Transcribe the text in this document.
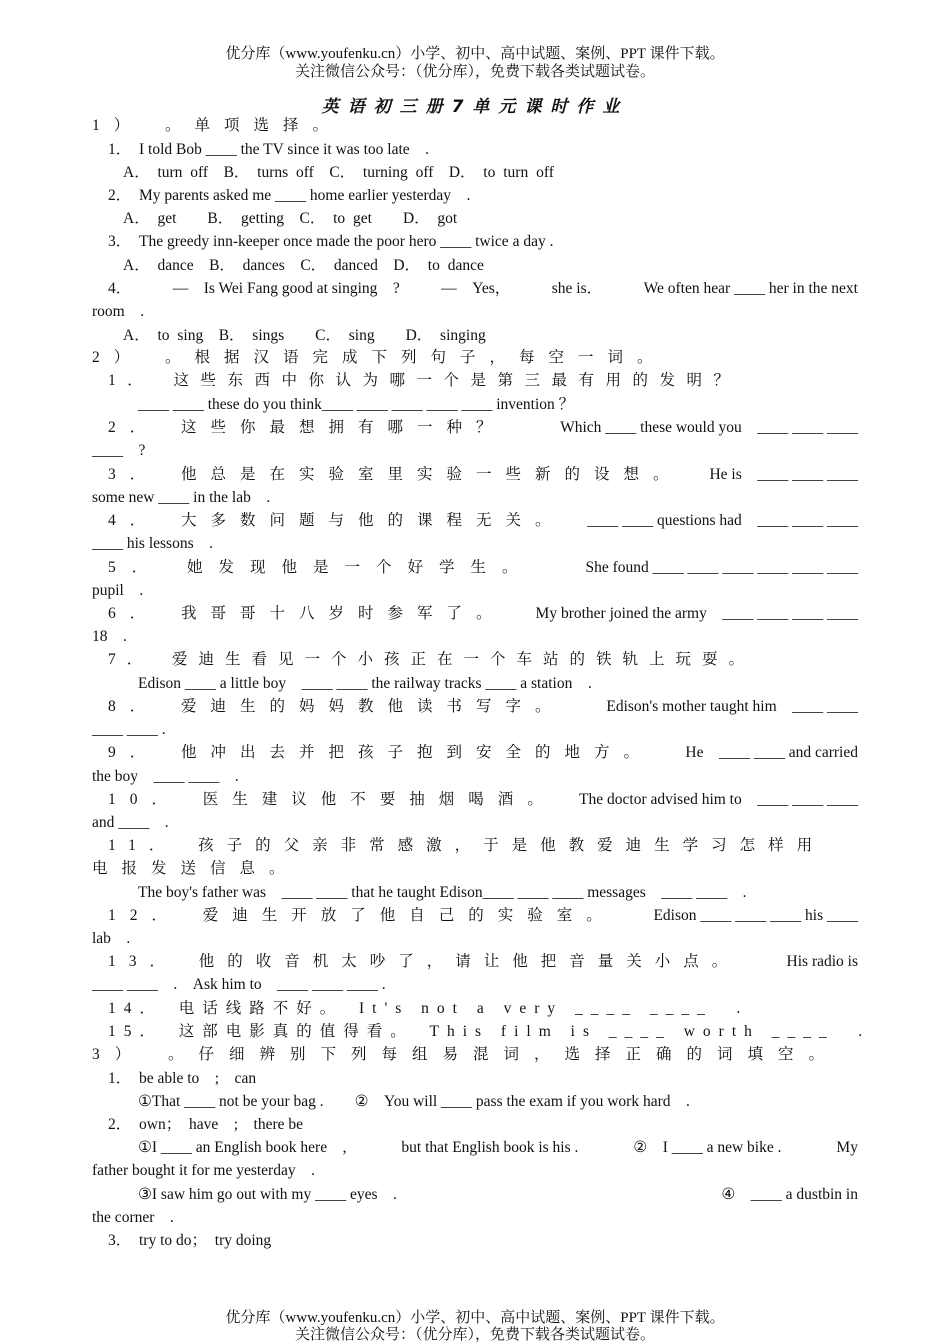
优分库（www.youfenku.cn）小学、初中、高中试题、案例、PPT 课件下载。
关注微信公众号：（优分库），免费下载各类试题试卷。
英语初三册7单元课时作业
1）　。单项选择。
1．　I told Bob ____ the TV since it was too late　.
A．　turn off　B．　turns off　C．　turning off　D．　to turn off
2．　My parents asked me ____ home earlier yesterday　.
A．　get　　B．　getting　C．　to get　　D．　got
3．　The greedy inn-keeper once made the poor hero ____ twice a day .
A．　dance　B．　dances　C．　danced　D．　to dance
4．	—　Is Wei Fang good at singing　?	—　Yes，	she is．	We often hear ____ her in the next
room　.
A．　to sing　B．　sings　　C．　sing　　D．　singing
2）　。根据汉语完成下列句子，每空一词。
1．　这些东西中你认为哪一个是第三最有用的发明？
____ ____ these do you think____ ____ ____ ____ ____ invention ？
2．　这些你最想拥有哪一种？	Which ____ these would you　____ ____ ____
____　?
3．　他总是在实验室里实验一些新的设想。 He is　____ ____ ____
some new ____ in the lab　.
4．　大多数问题与他的课程无关。 ____ ____ questions had　____ ____ ____
____ his lessons　.
5．　她发现他是一个好学生。	She found ____ ____ ____ ____ ____ ____
pupil　.
6．　我哥哥十八岁时参军了。 My brother joined the army　____ ____ ____ ____
18　.
7．　爱迪生看见一个小孩正在一个车站的铁轨上玩耍。
Edison ____ a little boy　____ ____ the railway tracks ____ a station　.
8．　爱迪生的妈妈教他读书写字。	Edison's mother taught him　____ ____
____ ____ .
9．　他冲出去并把孩子抱到安全的地方。 He　____ ____ and carried
the boy　____ ____　.
10．　医生建议他不要抽烟喝酒。 The doctor advised him to　____ ____ ____
and ____　.
11．　孩子的父亲非常感激，于是他教爱迪生学习怎样用
电报发送信息。
The boy's father was　____ ____ that he taught Edison____ ____ ____ messages　____ ____　.
12．　爱迪生开放了他自己的实验室。 Edison ____ ____ ____ his ____
lab　.
13．　他的收音机太吵了，请让他把音量关小点。	His radio is
____ ____　.　Ask him to　____ ____ ____ .
14．　电话线路不好。　It's not a very ____ ____　.
15．　这部电影真的值得看。　This film is ____ worth ____　.
3）　。仔细辨别下列每组易混词，选择正确的词填空。
1．　be able to　;　can
①That ____ not be your bag .　　②　You will ____ pass the exam if you work hard　.
2．　own；　have　;　there be
①I ____ an English book here　,	but that English book is his .	②　I ____ a new bike .	My
father bought it for me yesterday　.
③I saw him go out with my ____ eyes　.	④　____ a dustbin in
the corner　.
3．　try to do；　try doing
优分库（www.youfenku.cn）小学、初中、高中试题、案例、PPT 课件下载。
关注微信公众号：（优分库），免费下载各类试题试卷。
